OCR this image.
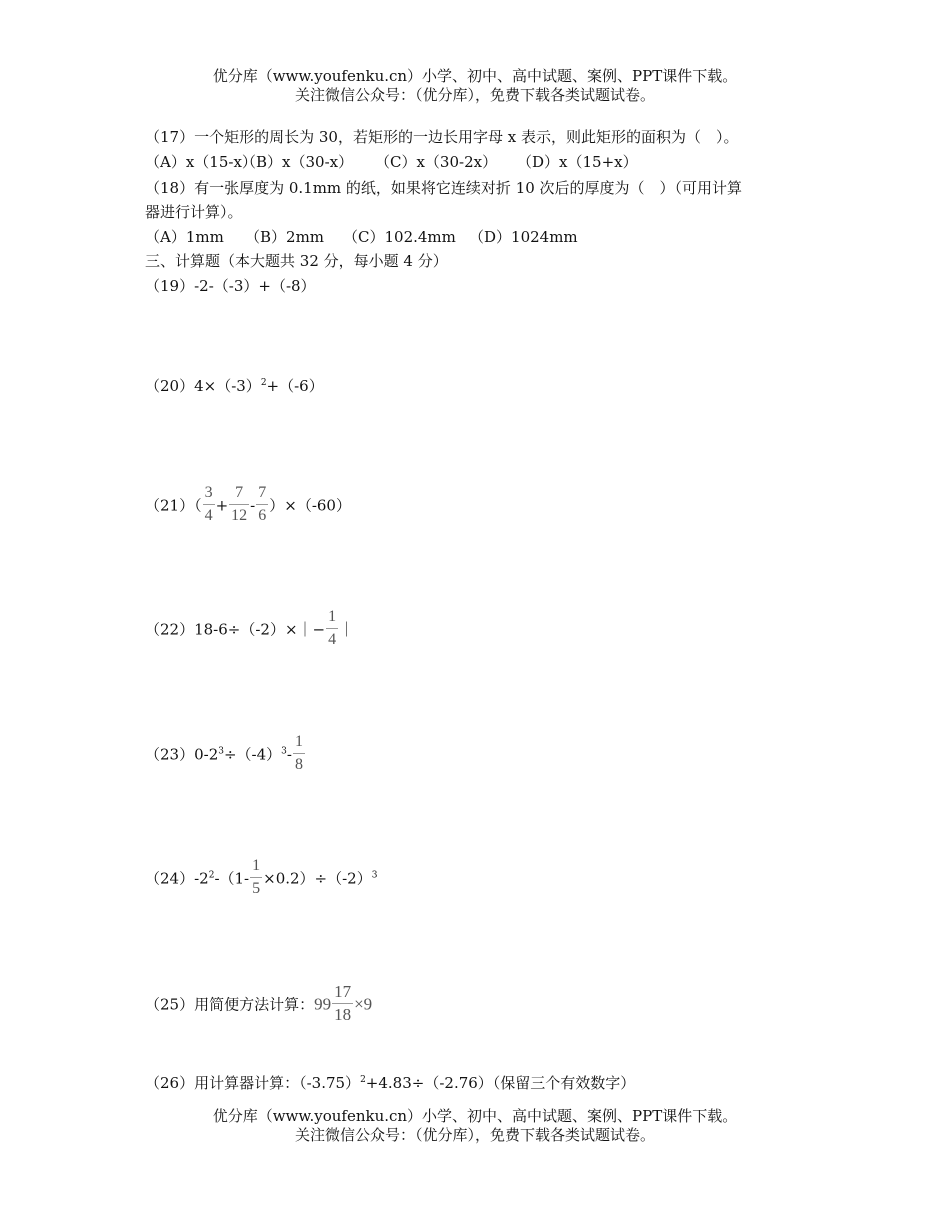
优分库（www.youfenku.cn）小学、初中、高中试题、案例、PPT课件下载。
关注微信公众号：（优分库），免费下载各类试题试卷。
（17）一个矩形的周长为 30，若矩形的一边长用字母 x 表示，则此矩形的面积为（　）。
（A）x（15-x）（B）x（30-x） （C）x（30-2x） （D）x（15+x）
（18）有一张厚度为 0.1mm 的纸，如果将它连续对折 10 次后的厚度为（　）（可用计算
器进行计算）。
（A）1mm （B）2mm （C）102.4mm （D）1024mm
三、计算题（本大题共 32 分，每小题 4 分）
（19）-2-（-3）+（-8）
$(20)4\times(-3)^2+(-6)$
$(21)( \frac{3}{4} + \frac{7}{12} - \frac{7}{6} )\times(-60)$
（22）18-6÷（-2）×｜− $\frac{1}{4}$ ｜
$(23)0-2^3\div(-4)^3- \frac{1}{8}$
$(24)-2^2-(1- \frac{1}{5} \times 0.2)\div(-2)^3$
（25）用简便方法计算：$99 \frac{17}{18} \times 9$
（26）用计算器计算：$(-3.75)^2+4.83\div(-2.76)$（保留三个有效数字）
优分库（www.youfenku.cn）小学、初中、高中试题、案例、PPT课件下载。
关注微信公众号：（优分库），免费下载各类试题试卷。
